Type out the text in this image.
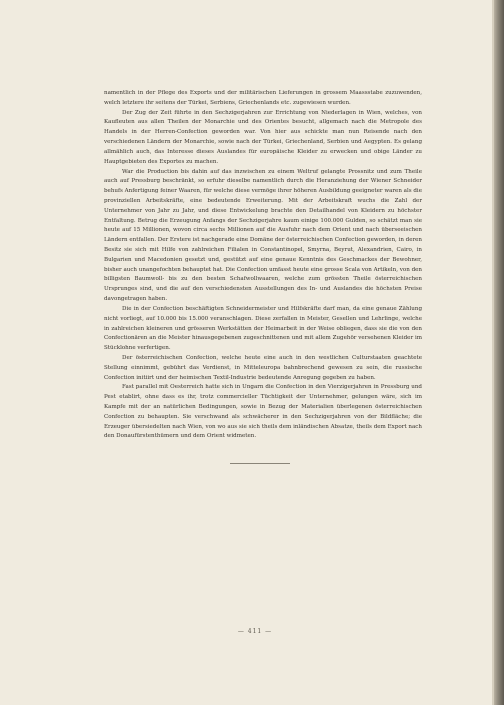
namentlich in der Pflege des Exports und der militärischen Lieferungen in grossem Maassstabe zuzuwenden, welch letztere ihr seitens der Türkei, Serbiens, Griechenlands etc. zugewiesen wurden.

Der Zug der Zeit führte in den Sechzigerjahren zur Errichtung von Niederlagen in Wien, welches, von Kaufleuten aus allen Theilen der Monarchie und des Orientes besucht, allgemach nach die Metropole des Handels in der Herren-Confection geworden war. Von hier aus schickte man nun Reisende nach den verschiedenen Ländern der Monarchie, sowie nach der Türkei, Griechenland, Serbien und Aegypten. Es gelang allmählich auch, das Interesse dieses Auslandes für europäische Kleider zu erwecken und obige Länder zu Hauptgebieten des Exportes zu machen.

War die Production bis dahin auf das inzwischen zu einem Weltruf gelangte Prossnitz und zum Theile auch auf Pressburg beschränkt, so erfuhr dieselbe namentlich durch die Heranziehung der Wiener Schneider behufs Anfertigung feiner Waaren, für welche diese vermöge ihrer höheren Ausbildung geeigneter waren als die provinziellen Arbeitskräfte, eine bedeutende Erweiterung. Mit der Arbeitskraft wuchs die Zahl der Unternehmer von Jahr zu Jahr, und diese Entwickelung brachte den Detailhandel von Kleidern zu höchster Entfaltung. Betrug die Erzeugung Anfangs der Sechzigerjahre kaum einige 100.000 Gulden, so schätzt man sie heute auf 15 Millionen, wovon circa sechs Millionen auf die Ausfuhr nach dem Orient und nach überseeischen Ländern entfallen. Der Erstere ist nachgerade eine Domäne der österreichischen Confection geworden, in deren Besitz sie sich mit Hilfe von zahlreichen Filialen in Constantinopel, Smyrna, Beyrut, Alexandrien, Cairo, in Bulgarien und Macedonien gesetzt und, gestützt auf eine genaue Kenntnis des Geschmackes der Bewohner, bisher auch unangefochten behauptet hat. Die Confection umfasst heute eine grosse Scala von Artikeln, von den billigsten Baumwoll- bis zu den besten Schafwollwaaren, welche zum grössten Theile österreichischen Ursprunges sind, und die auf den verschiedensten Ausstellungen des In- und Auslandes die höchsten Preise davongetragen haben.

Die in der Confection beschäftigten Schneidermeister und Hilfskräfte darf man, da eine genaue Zählung nicht vorliegt, auf 10.000 bis 15.000 veranschlagen. Diese zerfallen in Meister, Gesellen und Lehrlinge, welche in zahlreichen kleineren und grösseren Werkstätten der Heimarbeit in der Weise obliegen, dass sie die von den Confectionären an die Meister hinausgegebenen zugeschnittenen und mit allem Zugehör versehenen Kleider im Stücklohne verfertigen.

Der österreichischen Confection, welche heute eine auch in den westlichen Culturstaaten geachtete Stellung einnimmt, gebührt das Verdienst, in Mitteleuropa bahnbrechend gewesen zu sein, die russische Confection initiirt und der heimischen Textil-Industrie bedeutende Anregung gegeben zu haben.

Fast parallel mit Oesterreich hatte sich in Ungarn die Confection in den Vierzigerjahren in Pressburg und Pest etablirt, ohne dass es ihr, trotz commercieller Tüchtigkeit der Unternehmer, gelungen wäre, sich im Kampfe mit der an natürlichen Bedingungen, sowie in Bezug der Materialien überlegenen österreichischen Confection zu behaupten. Sie verschwand als schwächerer in den Sechzigerjahren von der Bildfläche; die Erzeuger übersiedelten nach Wien, von wo aus sie sich theils dem inländischen Absatze, theils dem Export nach den Donaufürstenthümern und dem Orient widmeten.

— 411 —
